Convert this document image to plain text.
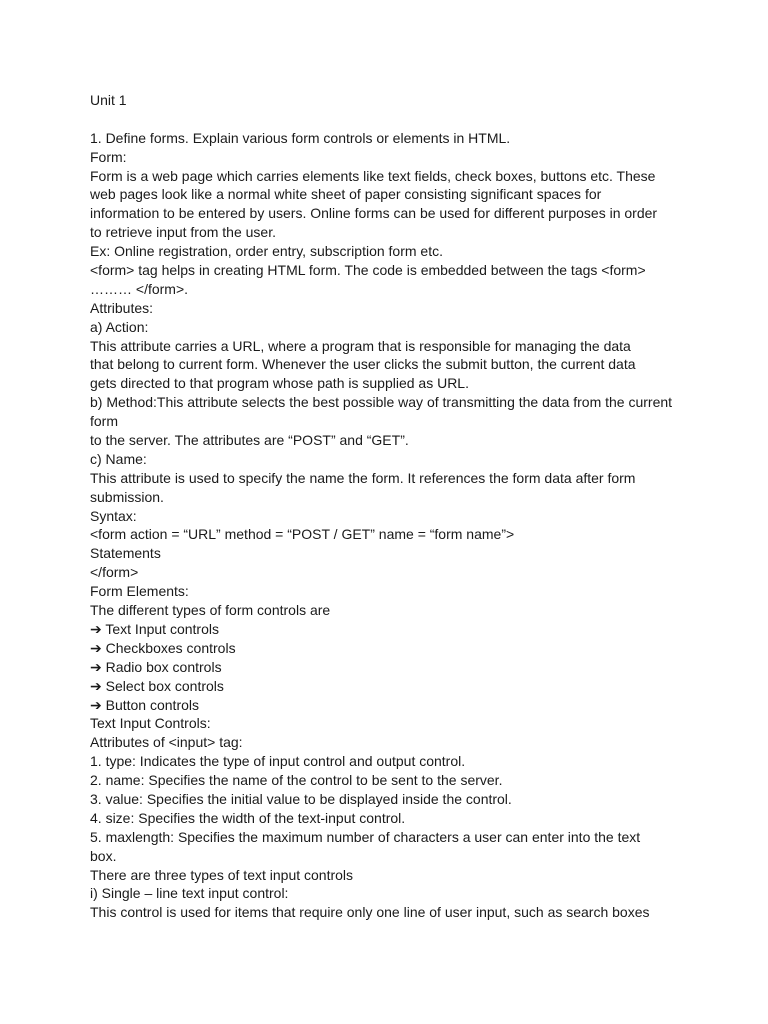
Unit 1
1. Define forms. Explain various form controls or elements in HTML.
Form:
Form is a web page which carries elements like text fields, check boxes, buttons etc. These
web pages look like a normal white sheet of paper consisting significant spaces for
information to be entered by users. Online forms can be used for different purposes in order
to retrieve input from the user.
Ex: Online registration, order entry, subscription form etc.
<form> tag helps in creating HTML form. The code is embedded between the tags <form>
……… </form>.
Attributes:
a) Action:
This attribute carries a URL, where a program that is responsible for managing the data
that belong to current form. Whenever the user clicks the submit button, the current data
gets directed to that program whose path is supplied as URL.
b) Method:This attribute selects the best possible way of transmitting the data from the current
form
to the server. The attributes are “POST” and “GET”.
c) Name:
This attribute is used to specify the name the form. It references the form data after form
submission.
Syntax:
<form action = “URL” method = “POST / GET” name = “form name”>
Statements
</form>
Form Elements:
The different types of form controls are
➔ Text Input controls
➔ Checkboxes controls
➔ Radio box controls
➔ Select box controls
➔ Button controls
Text Input Controls:
Attributes of <input> tag:
1. type: Indicates the type of input control and output control.
2. name: Specifies the name of the control to be sent to the server.
3. value: Specifies the initial value to be displayed inside the control.
4. size: Specifies the width of the text-input control.
5. maxlength: Specifies the maximum number of characters a user can enter into the text
box.
There are three types of text input controls
i) Single – line text input control:
This control is used for items that require only one line of user input, such as search boxes
